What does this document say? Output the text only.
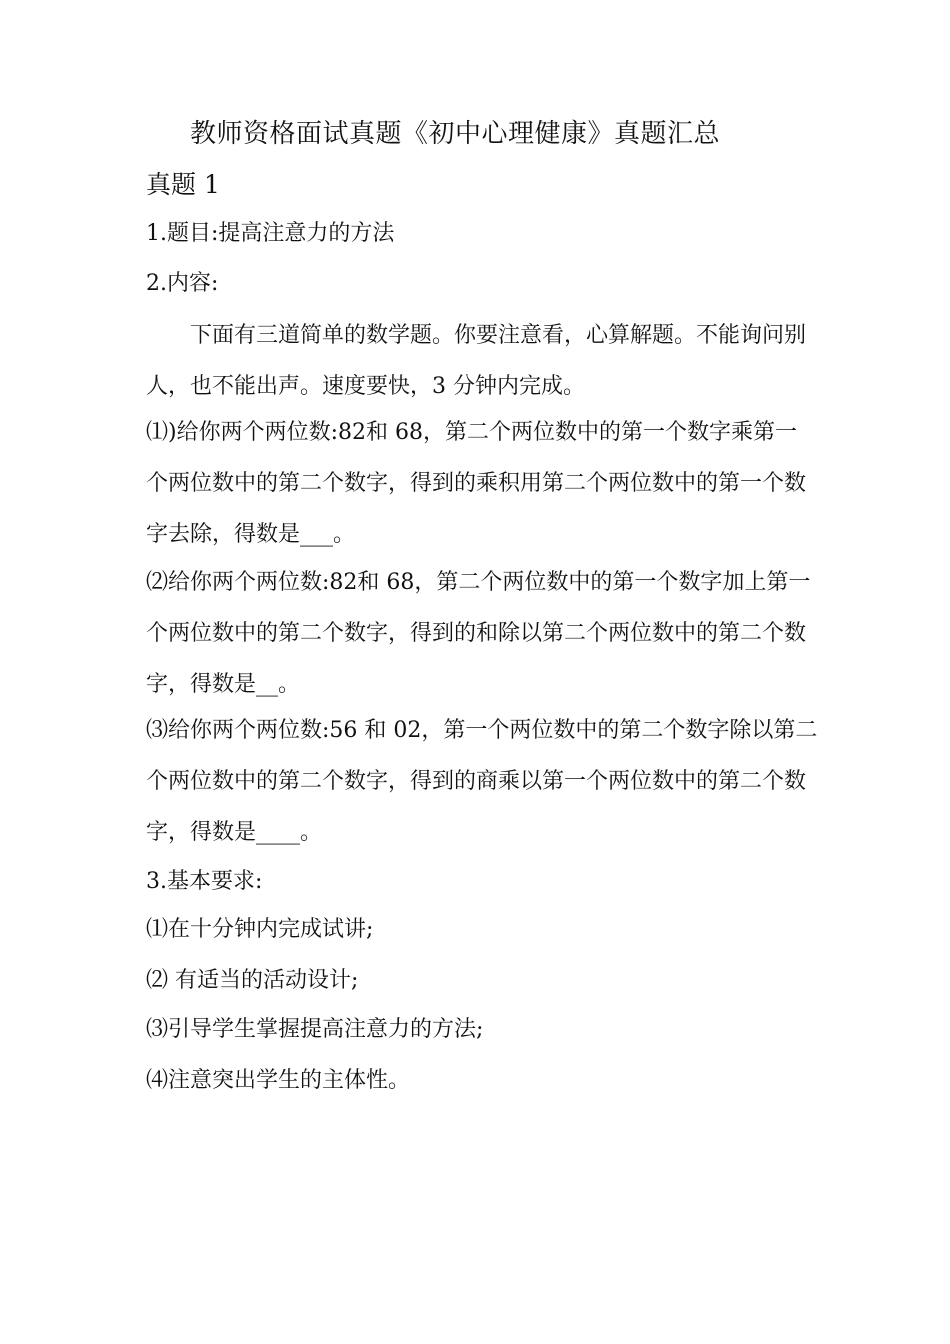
教师资格面试真题《初中心理健康》真题汇总
真题 1
1.题目:提高注意力的方法
2.内容:
下面有三道简单的数学题。你要注意看，心算解题。不能询问别
人，也不能出声。速度要快，3 分钟内完成。
⑴)给你两个两位数:82和 68，第二个两位数中的第一个数字乘第一
个两位数中的第二个数字，得到的乘积用第二个两位数中的第一个数
字去除，得数是___。
⑵给你两个两位数:82和 68，第二个两位数中的第一个数字加上第一
个两位数中的第二个数字，得到的和除以第二个两位数中的第二个数
字，得数是__。
⑶给你两个两位数:56 和 02，第一个两位数中的第二个数字除以第二
个两位数中的第二个数字，得到的商乘以第一个两位数中的第二个数
字，得数是____。
3.基本要求:
⑴在十分钟内完成试讲;
⑵ 有适当的活动设计;
⑶引导学生掌握提高注意力的方法;
⑷注意突出学生的主体性。
